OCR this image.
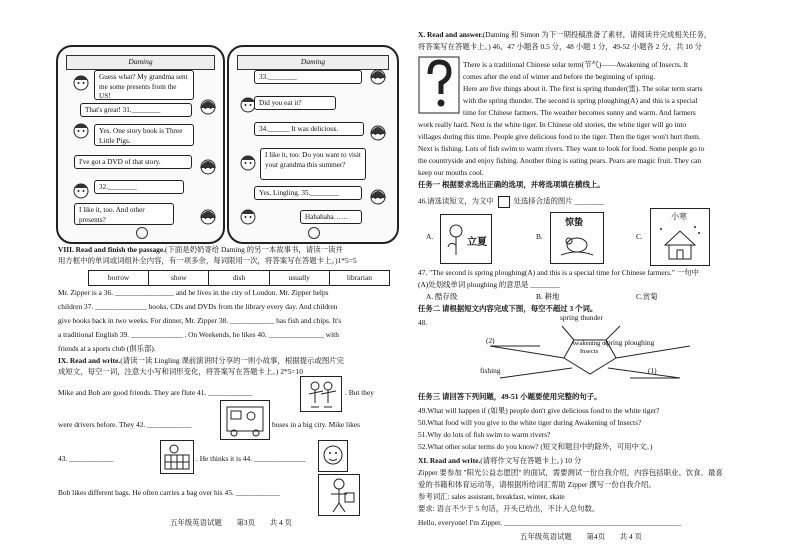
Daming
Guess what? My grandma sent me some presents from the US!
That's great! 31.________
Yes. One story book is Three Little Pigs.
I've got a DVD of that story.
32.________
I like it, too. And other presents?
Daming
33.________
Did you eat it?
34.______ It was delicious.
I like it, too. Do you want to visit your grandma this summer?
Yes, Lingling. 35.________
Hahahaha……
VIII. Read and finish the passage.(下面是奶奶寄给 Daming 的另一本故事书，请读一读并
用方框中的单词或词组补全内容，有一项多余，每词限用一次，将答案写在答题卡上。)1*5=5
borrow	show	dish	usually	librarian
Mr. Zipper is a 36. ________________ and he lives in the city of London. Mr. Zipper helps
children 37. ______________ books, CDs and DVDs from the library every day. And children
give books back in two weeks. For dinner, Mr. Zipper 38. ____________ has fish and chips. It's
a traditional English 39. ______________ . On Weekends, he likes 40. _______________ with
friends at a sports club (俱乐部).
IX. Read and write.(请读一读 Lingling 课前演讲时分享的一则小故事，根据提示或图片完
成短文，每空一词，注意大小写和词形变化，将答案写在答题卡上。) 2*5=10
Mike and Bob are good friends. They are flute 41. ____________	. But they
were drivers before. They 42. ____________	buses in a big city. Mike likes
43. ____________	. He thinks it is 44. ______________
Bob likes different bags. He often carries a bag over his 45. ____________
五年级英语试题　　第3页　　共 4 页
X. Read and answer.(Daming 和 Simon 为下一期投稿准备了素材，请阅读并完成相关任务，
将答案写在答题卡上。) 46、47 小题各 0.5 分，48 小题 1 分，49-52 小题各 2 分，共 10 分
There is a traditional Chinese solar term(节气)——Awakening of Insects. It
comes after the end of winter and before the beginning of spring.
Here are five things about it. The first is spring thunder(雷). The solar term starts
with the spring thunder. The second is spring ploughing(A) and this is a special
time for Chinese farmers. The weather becomes sunny and warm. And farmers
work really hard. Next is the white tiger. In Chinese old stories, the white tiger will go into
villages during this time. People give delicious food to the tiger. Then the tiger won't hurt them.
Next is fishing. Lots of fish swim to warm rivers. They want to look for food. Some people go to
the countryside and enjoy fishing. Another thing is eating pears. Pears are magic fruit. They can
keep our mouths cool.
任务一 根据要求选出正确的选项，并将选项填在横线上。
46.请选读短文，为文中	处选择合适的图片 ________
A.
立夏
B.
惊蛰
C.
小寒
47. "The second is spring ploughing(A) and this is a special time for Chinese farmers." 一句中
(A)处划线单词 ploughing 的意思是 ________
A. 酷存级	B. 耕地	C.赏菊
任务二 请根据短文内容完成下图，每空不超过 3 个词。
48.
spring thunder
Awakening of Insects
spring ploughing
(2)
fishing	(1)
任务三 请回答下列问题，49-51 小题要使用完整的句子。
49.What will happen if (如果) people don't give delicious food to the white tiger?
50.What food will you give to the white tiger during Awakening of Insects?
51.Why do lots of fish swim to warm rivers?
52.What other solar terms do you know? (短文和题目中的除外，可用中文。)
XI. Read and write.(请将作文写在答题卡上。) 10 分
Zipper 要参加 "阳光公益志愿团" 的面试，需要测试一份自我介绍，内容包括职业、饮食、最喜
爱的书籍和体育运动等，请根据所给词汇帮助 Zipper 撰写一份自我介绍。
参考词汇: sales assistant, breakfast, winter, skate
要求: 语言不少于 5 句话，开头已给出，不计入总句数。
Hello, everyone! I'm Zipper. ________________________________________________
五年级英语试题　　第4页　　共 4 页
